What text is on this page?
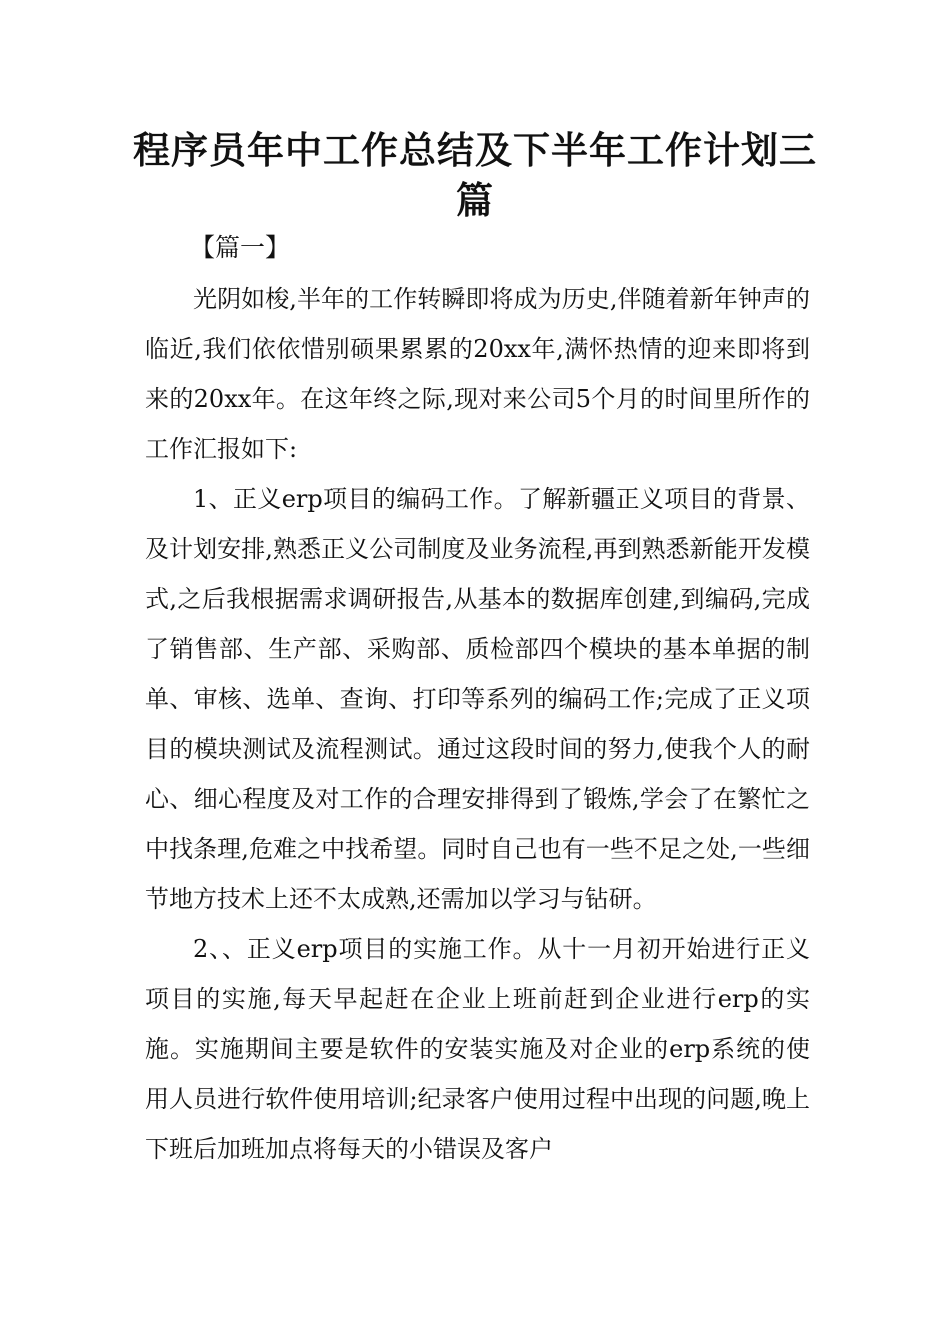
程序员年中工作总结及下半年工作计划三篇

【篇一】

光阴如梭,半年的工作转瞬即将成为历史,伴随着新年钟声的临近,我们依依惜别硕果累累的20xx年,满怀热情的迎来即将到来的20xx年。在这年终之际,现对来公司5个月的时间里所作的工作汇报如下:

1、正义erp项目的编码工作。了解新疆正义项目的背景、及计划安排,熟悉正义公司制度及业务流程,再到熟悉新能开发模式,之后我根据需求调研报告,从基本的数据库创建,到编码,完成了销售部、生产部、采购部、质检部四个模块的基本单据的制单、审核、选单、查询、打印等系列的编码工作;完成了正义项目的模块测试及流程测试。通过这段时间的努力,使我个人的耐心、细心程度及对工作的合理安排得到了锻炼,学会了在繁忙之中找条理,危难之中找希望。同时自己也有一些不足之处,一些细节地方技术上还不太成熟,还需加以学习与钻研。

2、、正义erp项目的实施工作。从十一月初开始进行正义项目的实施,每天早起赶在企业上班前赶到企业进行erp的实施。实施期间主要是软件的安装实施及对企业的erp系统的使用人员进行软件使用培训;纪录客户使用过程中出现的问题,晚上下班后加班加点将每天的小错误及客户
